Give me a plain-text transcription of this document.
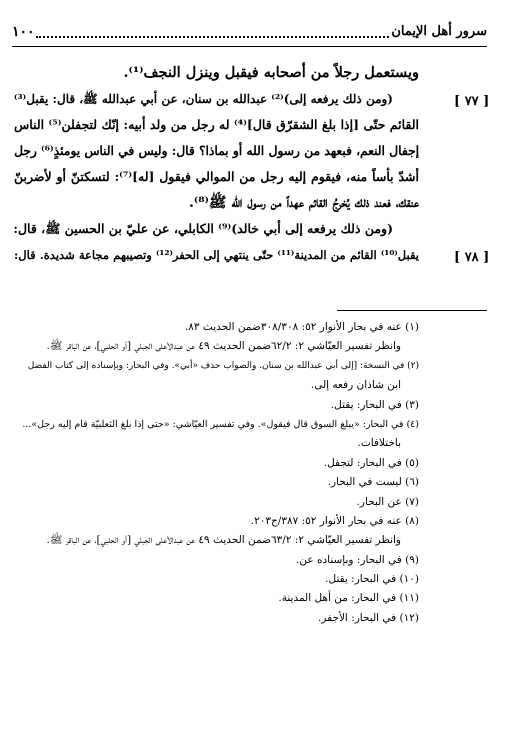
١٠٠	سرور أهل الإيمان
[ ٧٧ ]
[ ٧٨ ]
ويستعمل رجلاً من أصحابه فيقبل وينزل النجف⁽¹⁾.
(ومن ذلك يرفعه إلى)⁽²⁾ عبدالله بن سنان، عن أبي عبدالله ﷺ، قال: يقبل⁽³⁾
القائم حتّى [إذا بلغ الشقرّق قال]⁽⁴⁾ له رجل من ولد أبيه: إنّك لتجفلن⁽⁵⁾ الناس
إجفال النعم، فبعهد من رسول الله أو بماذا؟ قال: وليس في الناس يومئذٍ⁽⁶⁾ رجل
أشدّ بأساً منه، فيقوم إليه رجل من الموالي فيقول [له]⁽⁷⁾: لتسكتنّ أو لأضربنّ
عنقك، فعند ذلك يُخرجُ القائم عهداً من رسول الله ﷺ⁽⁸⁾.
(ومن ذلك يرفعه إلى أبي خالد)⁽⁹⁾ الكابلي، عن عليّ بن الحسين ﷺ، قال:
يقبل⁽¹⁰⁾ القائم من المدينة⁽¹¹⁾ حتّى ينتهي إلى الحفر⁽¹²⁾ وتصيبهم مجاعة شديدة. قال:
(١) عنه في بحار الأنوار ٥٢: ٣٠٨/٣٠٨ضمن الحديث ٨٣.
وانظر تفسير العيّاشي ٢: ٦٢/٢ضمن الحديث ٤٩ عن عبدالأعلى الجبلي [أو الحلبي]، عن الباقر ﷺ.
(٢) في النسخة: [إلى أبي عبدالله بن سنان. والصواب حذف «أبي». وفي البحار: وبإسناده إلى كتاب الفضل
ابن شاذان رفعه إلى.
(٣) في البحار: يقتل.
(٤) في البحار: «يبلغ السوق قال فيقول». وفي تفسير العيّاشي: «حتى إذا بلغ الثعلبيّة قام إليه رجل»...
باختلافات.
(٥) في البحار: لتجفل.
(٦) ليست في البحار.
(٧) عن البحار.
(٨) عنه في بحار الأنوار ٥٢: ٣٨٧/ح٢٠٣.
وانظر تفسير العيّاشي ٢: ٦٣/٢ضمن الحديث ٤٩ عن عبدالأعلى الجبلي [أو الحلبي]، عن الباقر ﷺ.
(٩) في البحار: وبإسناده عن.
(١٠) في البحار: يقتل.
(١١) في البحار: من أهل المدينة.
(١٢) في البحار: الأجفر.
